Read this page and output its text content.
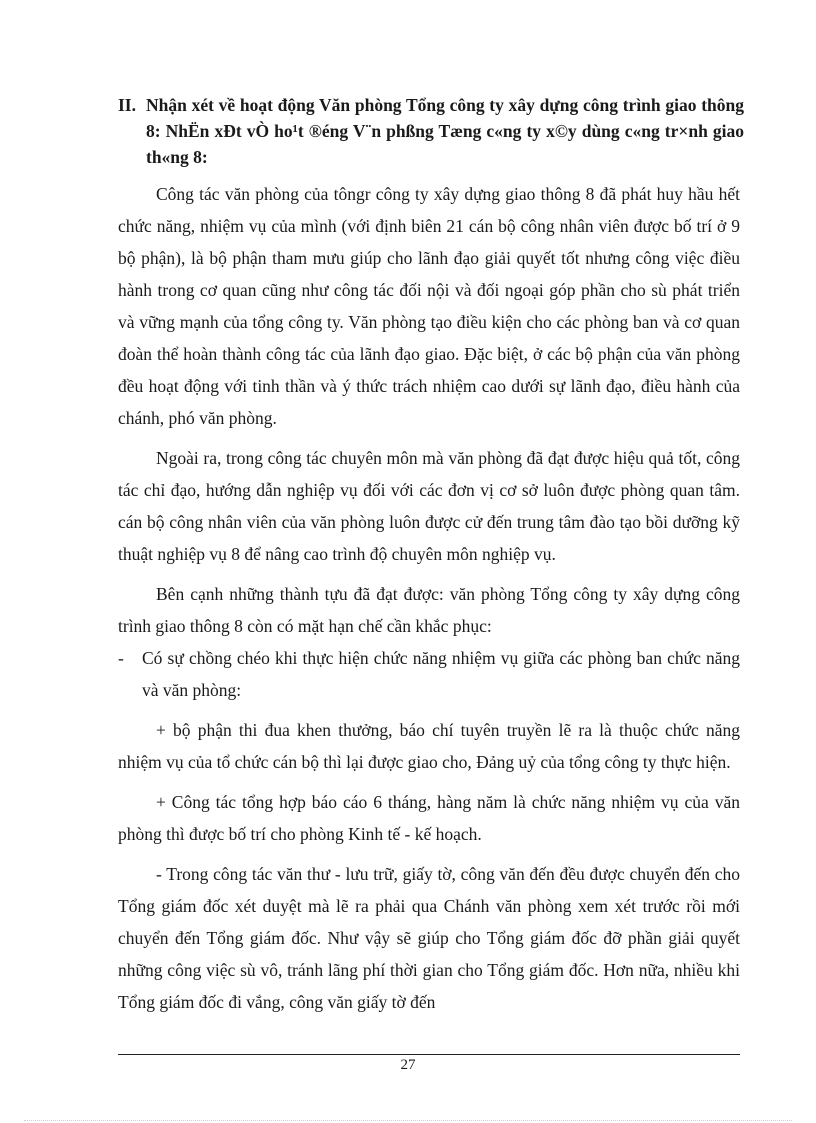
II. Nhận xét về hoạt động Văn phòng Tổng công ty xây dựng công trình giao thông 8: NhËn xÐt vÒ ho¹t ®éng V¨n phßng Tæng c«ng ty x©y dùng c«ng tr×nh giao th«ng 8:

Công tác văn phòng của tôngr công ty xây dựng giao thông 8 đã phát huy hầu hết chức năng, nhiệm vụ của mình (với định biên 21 cán bộ công nhân viên được bố trí ở 9 bộ phận), là bộ phận tham mưu giúp cho lãnh đạo giải quyết tốt nhưng công việc điều hành trong cơ quan cũng như công tác đối nội và đối ngoại góp phần cho sù phát triển và vững mạnh của tổng công ty. Văn phòng tạo điều kiện cho các phòng ban và cơ quan đoàn thể hoàn thành công tác của lãnh đạo giao. Đặc biệt, ở các bộ phận của văn phòng đều hoạt động với tinh thần và ý thức trách nhiệm cao dưới sự lãnh đạo, điều hành của chánh, phó văn phòng.

Ngoài ra, trong công tác chuyên môn mà văn phòng đã đạt được hiệu quả tốt, công tác chỉ đạo, hướng dẫn nghiệp vụ đối với các đơn vị cơ sở luôn được phòng quan tâm. cán bộ công nhân viên của văn phòng luôn được cử đến trung tâm đào tạo bồi dưỡng kỹ thuật nghiệp vụ 8 để nâng cao trình độ chuyên môn nghiệp vụ.

Bên cạnh những thành tựu đã đạt được: văn phòng Tổng công ty xây dựng công trình giao thông 8 còn có mặt hạn chế cần khắc phục:

- Có sự chồng chéo khi thực hiện chức năng nhiệm vụ giữa các phòng ban chức năng và văn phòng:

+ bộ phận thi đua khen thưởng, báo chí tuyên truyền lẽ ra là thuộc chức năng nhiệm vụ của tổ chức cán bộ thì lại được giao cho, Đảng uỷ của tổng công ty thực hiện.

+ Công tác tổng hợp báo cáo 6 tháng, hàng năm là chức năng nhiệm vụ của văn phòng thì được bố trí cho phòng Kinh tế - kế hoạch.

- Trong công tác văn thư - lưu trữ, giấy tờ, công văn đến đều được chuyển đến cho Tổng giám đốc xét duyệt mà lẽ ra phải qua Chánh văn phòng xem xét trước rồi mới chuyển đến Tổng giám đốc. Như vậy sẽ giúp cho Tổng giám đốc đỡ phần giải quyết những công việc sù vô, tránh lãng phí thời gian cho Tổng giám đốc. Hơn nữa, nhiều khi Tổng giám đốc đi vắng, công văn giấy tờ đến

27
